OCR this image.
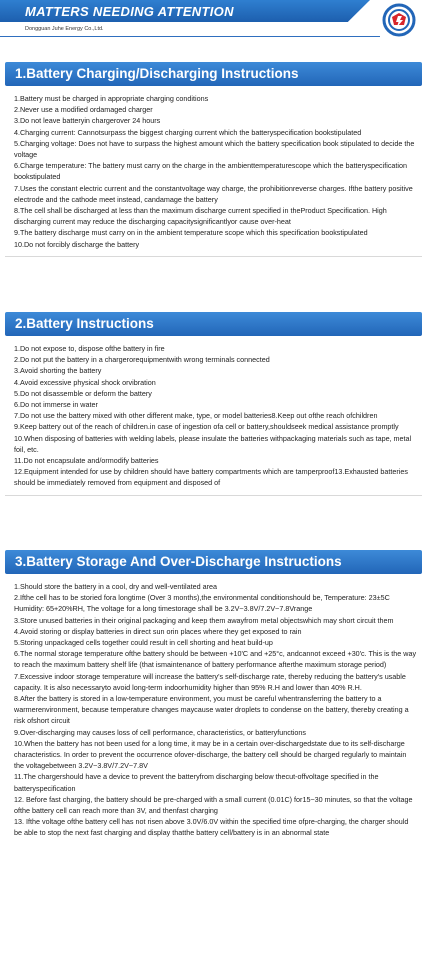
MATTERS NEEDING ATTENTION
Dongguan Juhe Energy Co.,Ltd.
1.Battery Charging/Discharging Instructions
1.Battery must be charged in appropriate charging conditions
2.Never use a modified ordamaged charger
3.Do not leave batteryin chargerover 24 hours
4.Charging current: Cannotsurpass the biggest charging current which the batteryspecification bookstipulated
5.Charging voltage: Does not have to surpass the highest amount which the battery specification book stipulated to decide the voltage
6.Charge temperature: The battery must carry on the charge in the ambienttemperaturescope which the batteryspecification bookstipulated
7.Uses the constant electric current and the constantvoltage way charge, the prohibitionreverse charges. Ifthe battery positive electrode and the cathode meet instead, candamage the battery
8.The cell shall be discharged at less than the maximum discharge current specified in theProduct Specification. High discharging current may reduce the discharging capacitysignificantlyor cause over-heat
9.The battery discharge must carry on in the ambient temperature scope which this specification bookstipulated
10.Do not forcibly discharge the battery
2.Battery Instructions
1.Do not expose to, dispose ofthe battery in fire
2.Do not put the battery in a chargerorequipmentwith wrong terminals connected
3.Avoid shorting the battery
4.Avoid excessive physical shock orvibration
5.Do not disassemble or deform the battery
6.Do not immerse in water
7.Do not use the battery mixed with other different make, type, or model batteries8.Keep out ofthe reach ofchildren
9.Keep battery out of the reach of children.in case of ingestion ofa cell or battery,shouldseek medical assistance promptly
10.When disposing of batteries with welding labels, please insulate the batteries withpackaging materials such as tape, metal foil, etc.
11.Do not encapsulate and/ormodify batteries
12.Equipment intended for use by children should have battery compartments which are tamperproof13.Exhausted batteries should be immediately removed from equipment and disposed of
3.Battery Storage And Over-Discharge Instructions
1.Should store the battery in a cool, dry and well-ventilated area
2.Ifthe cell has to be storied fora longtime (Over 3 months),the environmental conditionshould be, Temperature: 23±5C Humidity: 65+20%RH, The voltage for a long timestorage shall be 3.2V~3.8V/7.2V~7.8Vrange
3.Store unused batteries in their original packaging and keep them awayfrom metal objectswhich may short circuit them
4.Avoid storing or display batteries in direct sun orin places where they get exposed to rain
5.Storing unpackaged cells together could result in cell shorting and heat build-up
6.The normal storage temperature ofthe battery should be between +10'C and +25°c, andcannot exceed +30'c. This is the way to reach the maximum battery shelf life (that ismaintenance of battery performance afterthe maximum storage period)
7.Excessive indoor storage temperature will increase the battery's self-discharge rate, thereby reducing the battery's usable capacity. It is also necessaryto avoid long-term indoorhumidity higher than 95% R.H and lower than 40% R.H.
8.After the battery is stored in a low-temperature environment, you must be careful whentransferring the battery to a warmerenvironment, because temperature changes maycause water droplets to condense on the battery, thereby creating a risk ofshort circuit
9.Over-discharging may causes loss of cell performance, characteristics, or batteryfunctions
10.When the battery has not been used for a long time, it may be in a certain over-dischargedstate due to its self-discharge characteristics. In order to prevent the occurrence ofover-discharge, the battery cell should be charged regularly to maintain the voltagebetween 3.2V~3.8V/7.2V~7.8V
11.The chargershould have a device to prevent the batteryfrom discharging below thecut-offvoltage specified in the batteryspecification
12. Before fast charging, the battery should be pre-charged with a small current (0.01C) for15~30 minutes, so that the voltage ofthe battery cell can reach more than 3V, and thenfast charging
13. Ifthe voltage ofthe battery cell has not risen above 3.0V/6.0V within the specified time ofpre-charging, the charger should be able to stop the next fast charging and display thatthe battery cell/battery is in an abnormal state
